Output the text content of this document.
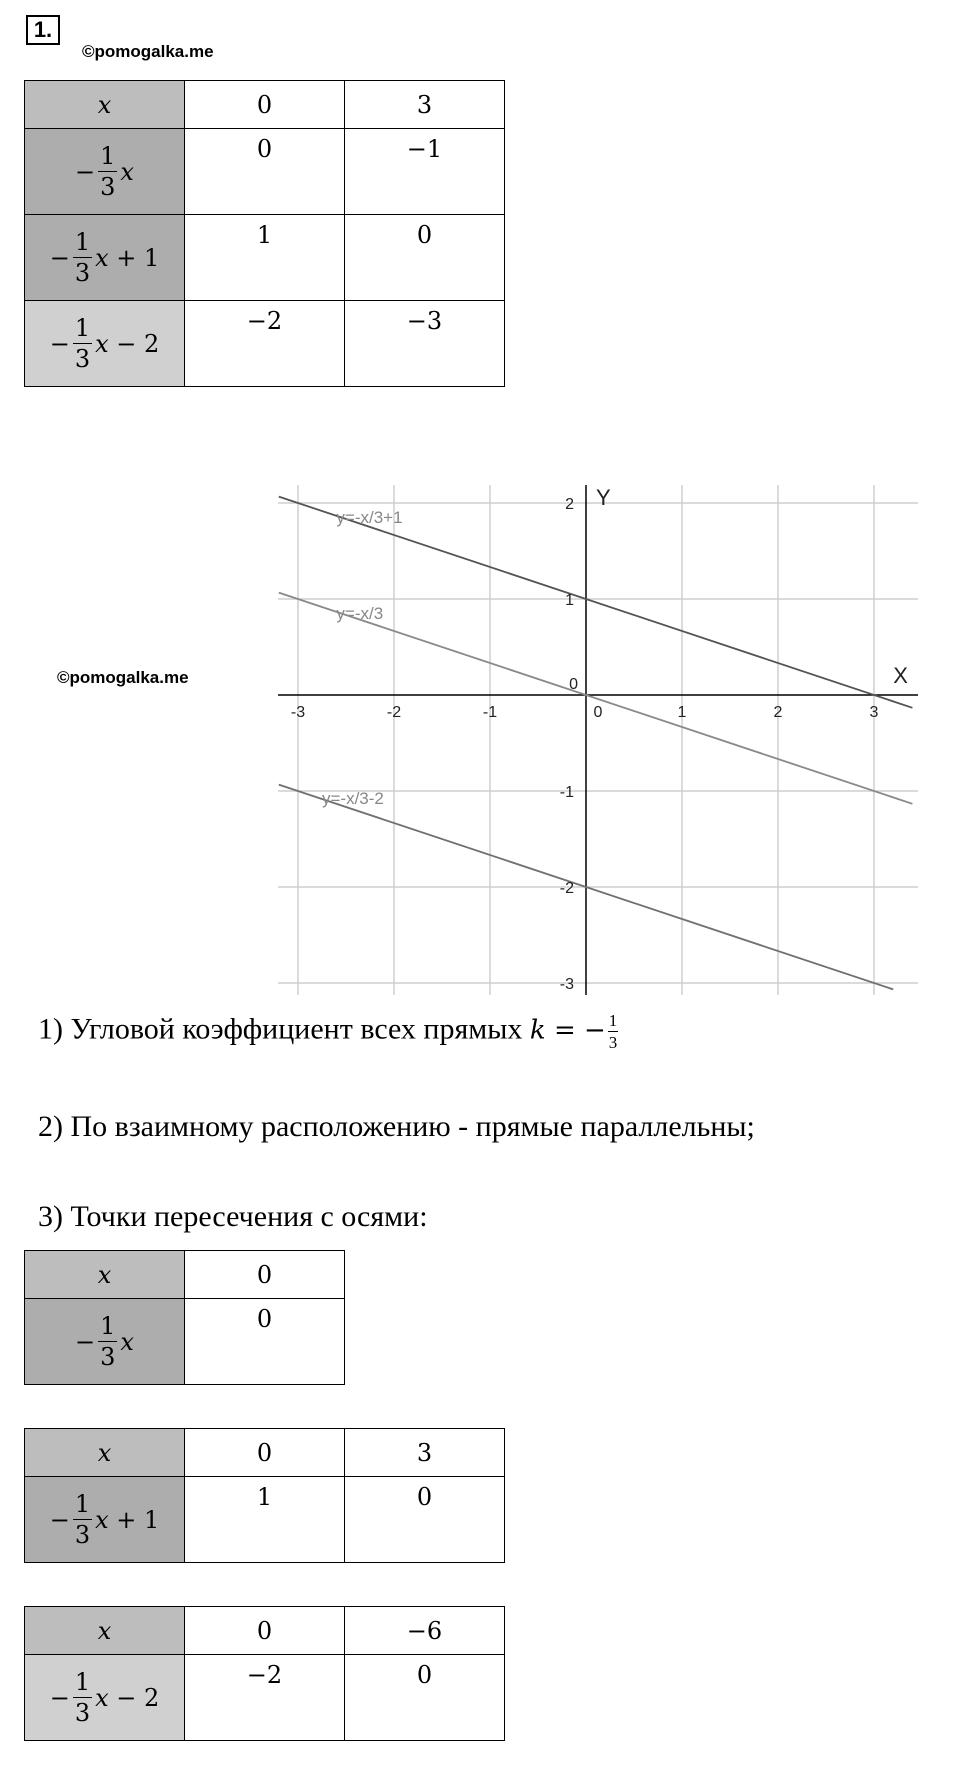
1.
©pomogalka.me
x	0	3

− $\frac{1}{3}$ x	0	−1

− $\frac{1}{3}$ x + 1	1	0

− $\frac{1}{3}$ x − 2	−2	−3
©pomogalka.me
y=-x/3+1
y=-x/3
y=-x/3-2
-3	-2	-1	0	1	2	3
2
1
0
-1
-2
-3
X
Y
1) Угловой коэффициент всех прямых k = − $\frac{1}{3}$
2) По взаимному расположению - прямые параллельны;
3) Точки пересечения с осями:
x	0

− $\frac{1}{3}$ x	0
x	0	3

− $\frac{1}{3}$ x + 1	1	0
x	0	−6

− $\frac{1}{3}$ x − 2	−2	0
